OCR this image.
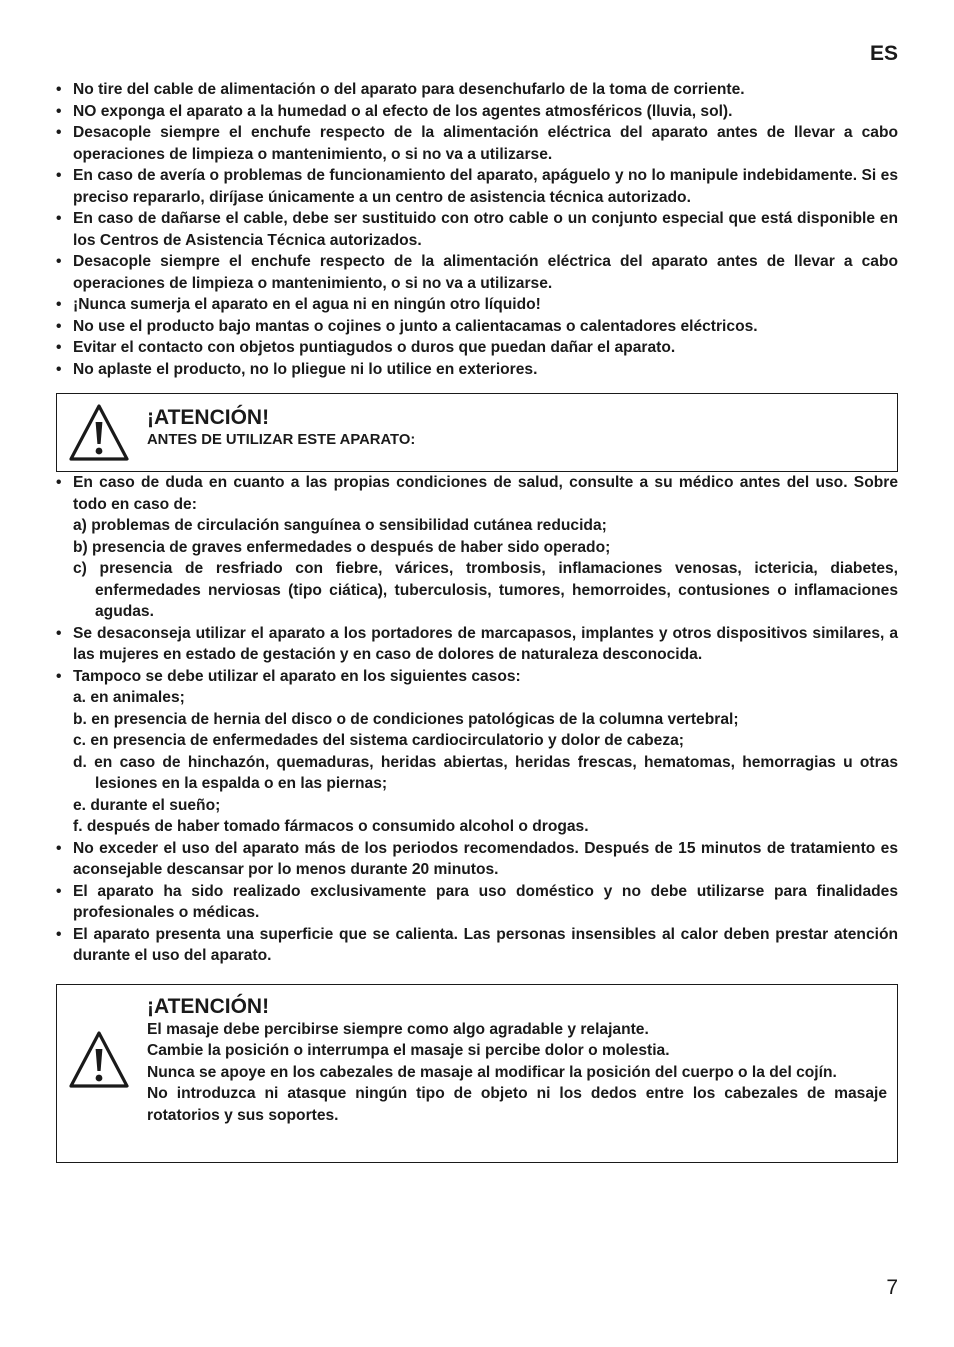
ES
• No tire del cable de alimentación o del aparato para desenchufarlo de la toma de corriente.
• NO exponga el aparato a la humedad o al efecto de los agentes atmosféricos (lluvia, sol).
• Desacople siempre el enchufe respecto de la alimentación eléctrica del aparato antes de llevar a cabo operaciones de limpieza o mantenimiento, o si no va a utilizarse.
• En caso de avería o problemas de funcionamiento del aparato, apáguelo y no lo manipule indebidamente. Si es preciso repararlo, diríjase únicamente a un centro de asistencia técnica autorizado.
• En caso de dañarse el cable, debe ser sustituido con otro cable o un conjunto especial que está disponible en los Centros de Asistencia Técnica autorizados.
• Desacople siempre el enchufe respecto de la alimentación eléctrica del aparato antes de llevar a cabo operaciones de limpieza o mantenimiento, o si no va a utilizarse.
• ¡Nunca sumerja el aparato en el agua ni en ningún otro líquido!
• No use el producto bajo mantas o cojines o junto a calientacamas o calentadores eléctricos.
• Evitar el contacto con objetos puntiagudos o duros que puedan dañar el aparato.
• No aplaste el producto, no lo pliegue ni lo utilice en exteriores.
¡ATENCIÓN!
ANTES DE UTILIZAR ESTE APARATO:
• En caso de duda en cuanto a las propias condiciones de salud, consulte a su médico antes del uso. Sobre todo en caso de:
a) problemas de circulación sanguínea o sensibilidad cutánea reducida;
b) presencia de graves enfermedades o después de haber sido operado;
c) presencia de resfriado con fiebre, várices, trombosis, inflamaciones venosas, ictericia, diabetes, enfermedades nerviosas (tipo ciática), tuberculosis, tumores, hemorroides, contusiones o inflamaciones agudas.
• Se desaconseja utilizar el aparato a los portadores de marcapasos, implantes y otros dispositivos similares, a las mujeres en estado de gestación y en caso de dolores de naturaleza desconocida.
• Tampoco se debe utilizar el aparato en los siguientes casos:
a. en animales;
b. en presencia de hernia del disco o de condiciones patológicas de la columna vertebral;
c. en presencia de enfermedades del sistema cardiocirculatorio y dolor de cabeza;
d. en caso de hinchazón, quemaduras, heridas abiertas, heridas frescas, hematomas, hemorragias u otras lesiones en la espalda o en las piernas;
e. durante el sueño;
f. después de haber tomado fármacos o consumido alcohol o drogas.
• No exceder el uso del aparato más de los periodos recomendados. Después de 15 minutos de tratamiento es aconsejable descansar por lo menos durante 20 minutos.
• El aparato ha sido realizado exclusivamente para uso doméstico y no debe utilizarse para finalidades profesionales o médicas.
• El aparato presenta una superficie que se calienta. Las personas insensibles al calor deben prestar atención durante el uso del aparato.
¡ATENCIÓN!

El masaje debe percibirse siempre como algo agradable y relajante.

Cambie la posición o interrumpa el masaje si percibe dolor o molestia.

Nunca se apoye en los cabezales de masaje al modificar la posición del cuerpo o la del cojín.

No introduzca ni atasque ningún tipo de objeto ni los dedos entre los cabezales de masaje rotatorios y sus soportes.

7
